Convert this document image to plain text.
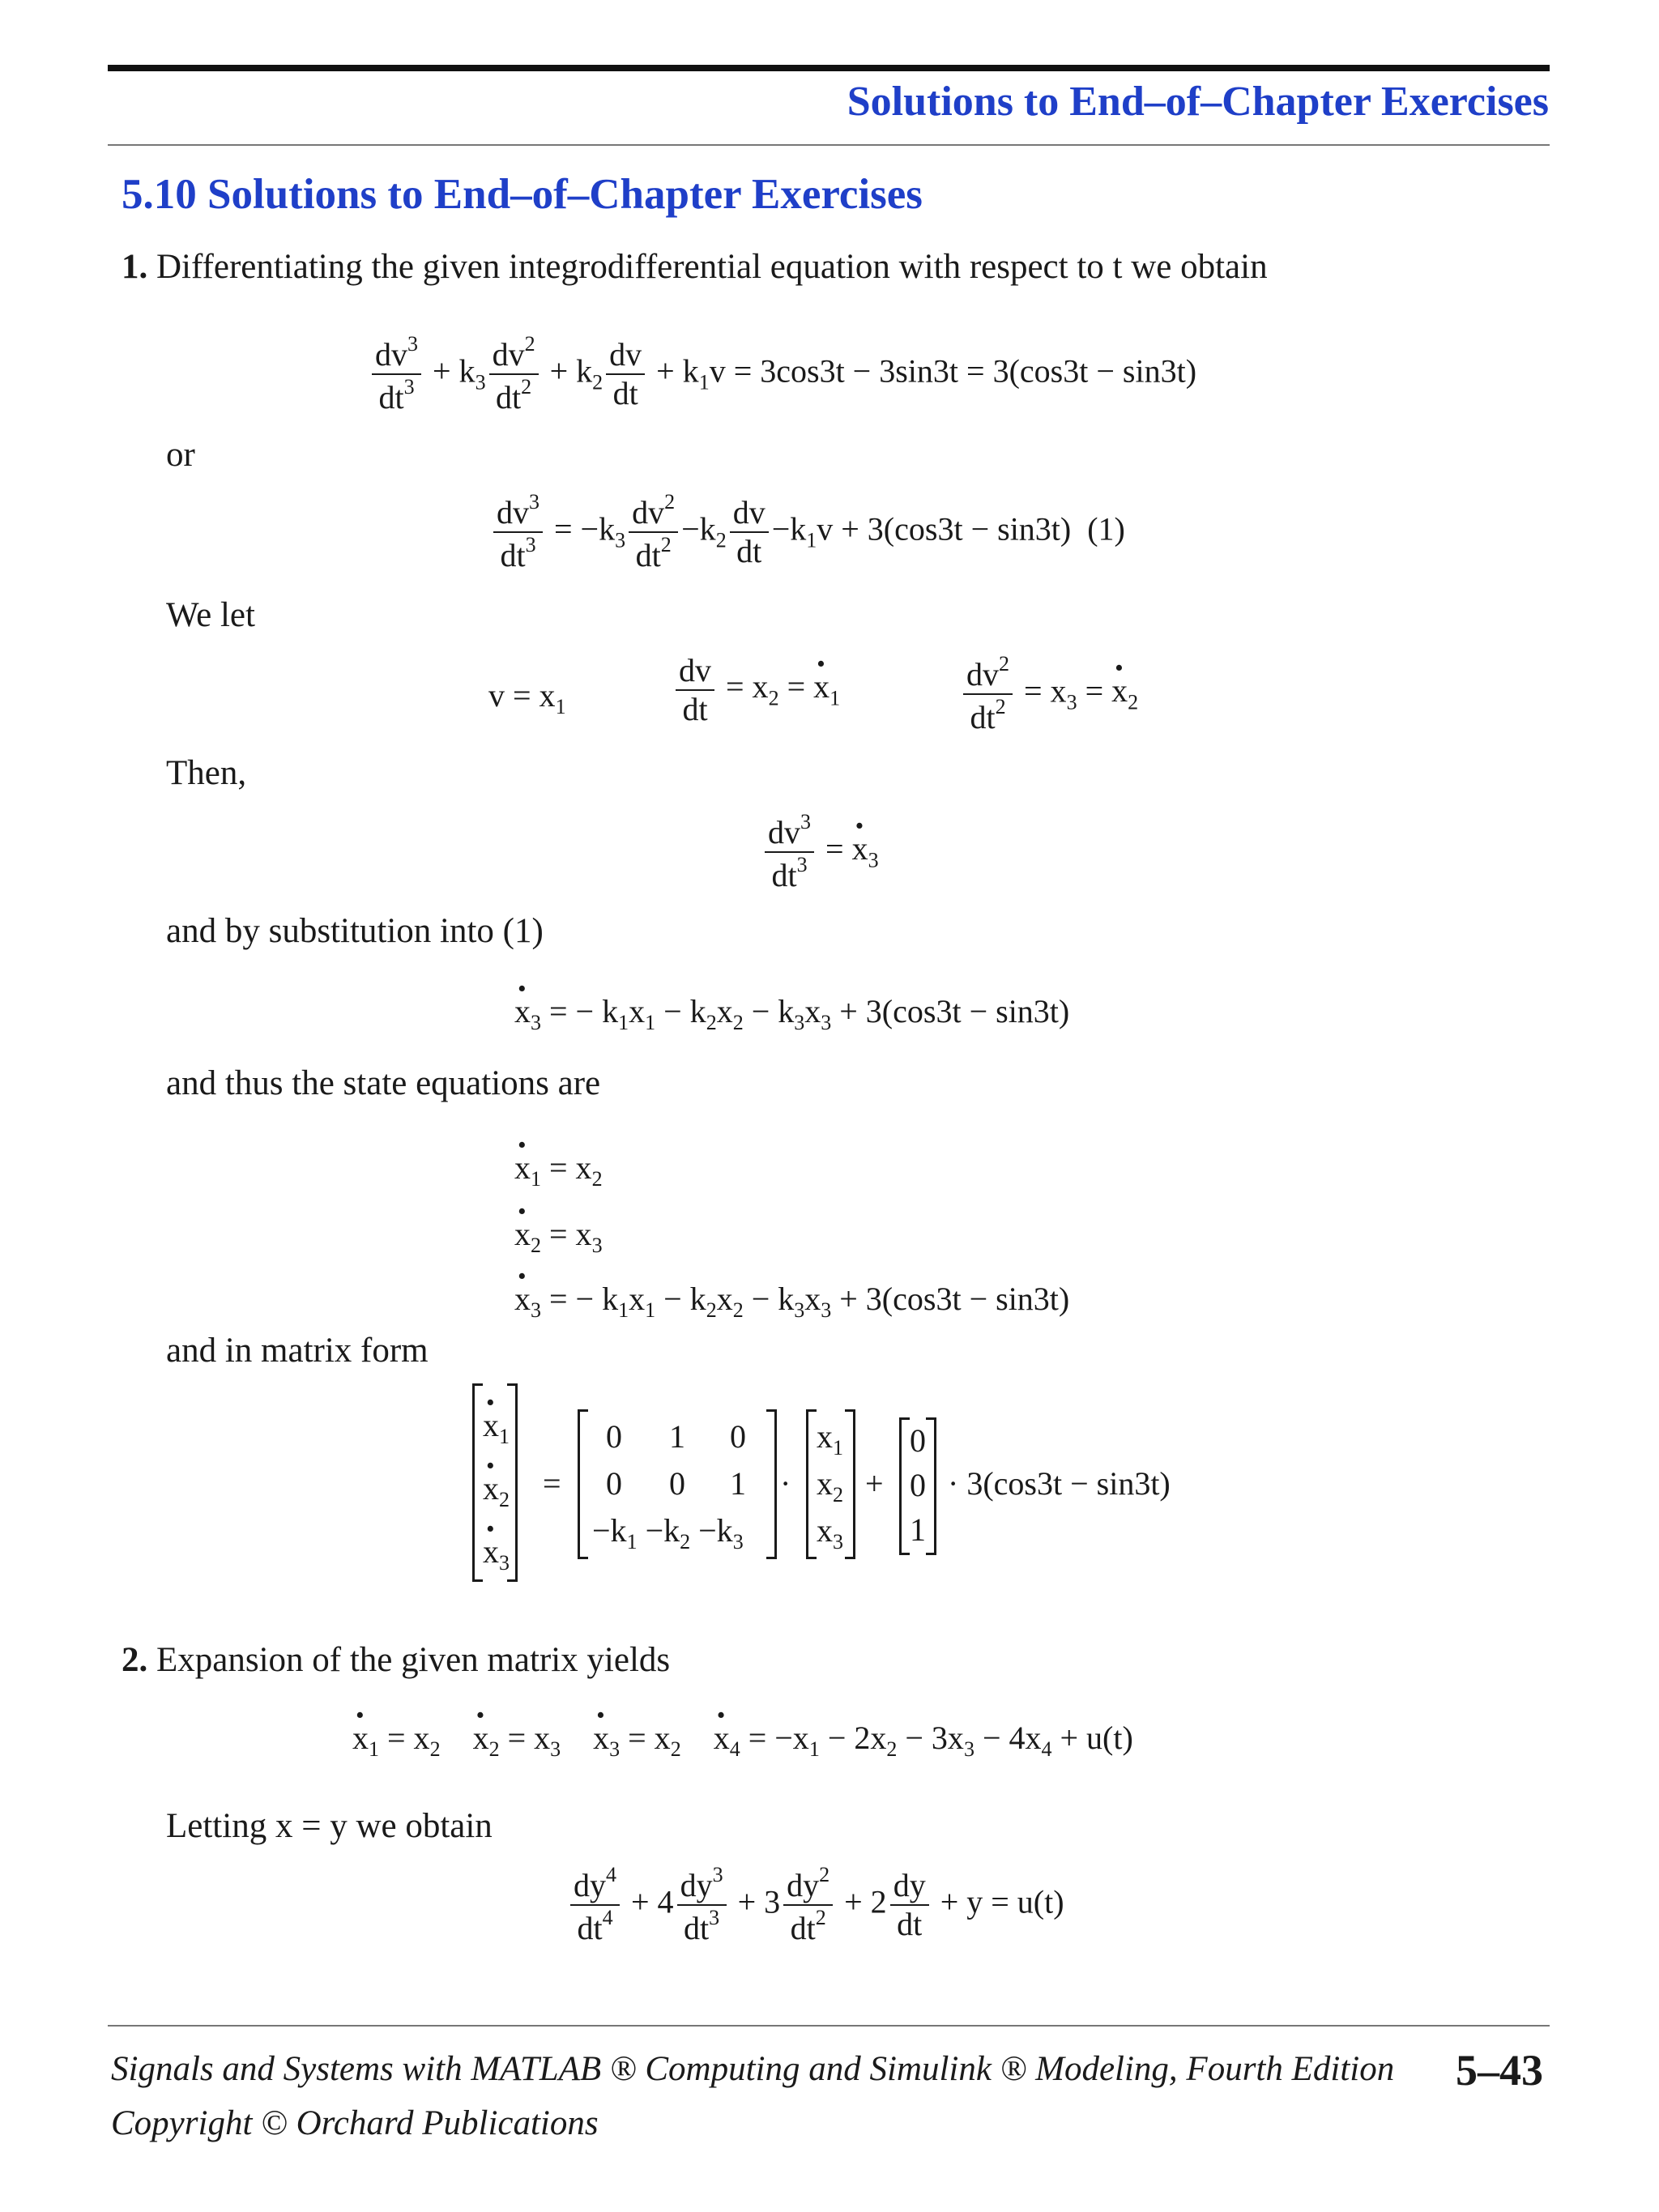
Solutions to End–of–Chapter Exercises
5.10 Solutions to End–of–Chapter Exercises
1. Differentiating the given integrodifferential equation with respect to t we obtain
$\frac{dv^3}{dt^3} + k_3 \frac{dv^2}{dt^2} + k_2 \frac{dv}{dt} + k_1v = 3\cos 3t - 3\sin 3t = 3(\cos 3t - \sin 3t)$
or
$\frac{dv^3}{dt^3} = -k_3 \frac{dv^2}{dt^2} -k_2 \frac{dv}{dt} -k_1v + 3(\cos 3t - \sin 3t)$  (1)
We let
$v = x_1$	$\frac{dv}{dt} = x_2$ = · $x_1$	$\frac{dv^2}{dt^2} = x_3$ = · $x_2$
Then,
$\frac{dv^3}{dt^3}$ = · $x_3$
and by substitution into (1)
· $x_3$ = − $k_1x_1 - k_2x_2 - k_3x_3 + 3(\cos 3t - \sin 3t)$
and thus the state equations are
· $x_1 = x_2$
· $x_2 = x_3$
· $x_3$ = − $k_1x_1 - k_2x_2 - k_3x_3 + 3(\cos 3t - \sin 3t)$
and in matrix form
· $x_1$
· $x_2$
· $x_3$
=
0 1 0
0 0 1
$-k_1 -k_2 -k_3$
·
$x_1$
$x_2$
$x_3$
+
0
0
1
· 3(cos3t − sin3t)
2. Expansion of the given matrix yields
· $x_1 = x_2$    · $x_2 = x_3$    · $x_3 = x_2$    · $x_4 = -x_1 - 2x_2 - 3x_3 - 4x_4 + u(t)$
Letting x = y we obtain
$\frac{dy^4}{dt^4} + 4 \frac{dy^3}{dt^3} + 3 \frac{dy^2}{dt^2} + 2 \frac{dy}{dt} + y = u(t)$
Signals and Systems with MATLAB ® Computing and Simulink ® Modeling, Fourth Edition
Copyright © Orchard Publications
5–43
